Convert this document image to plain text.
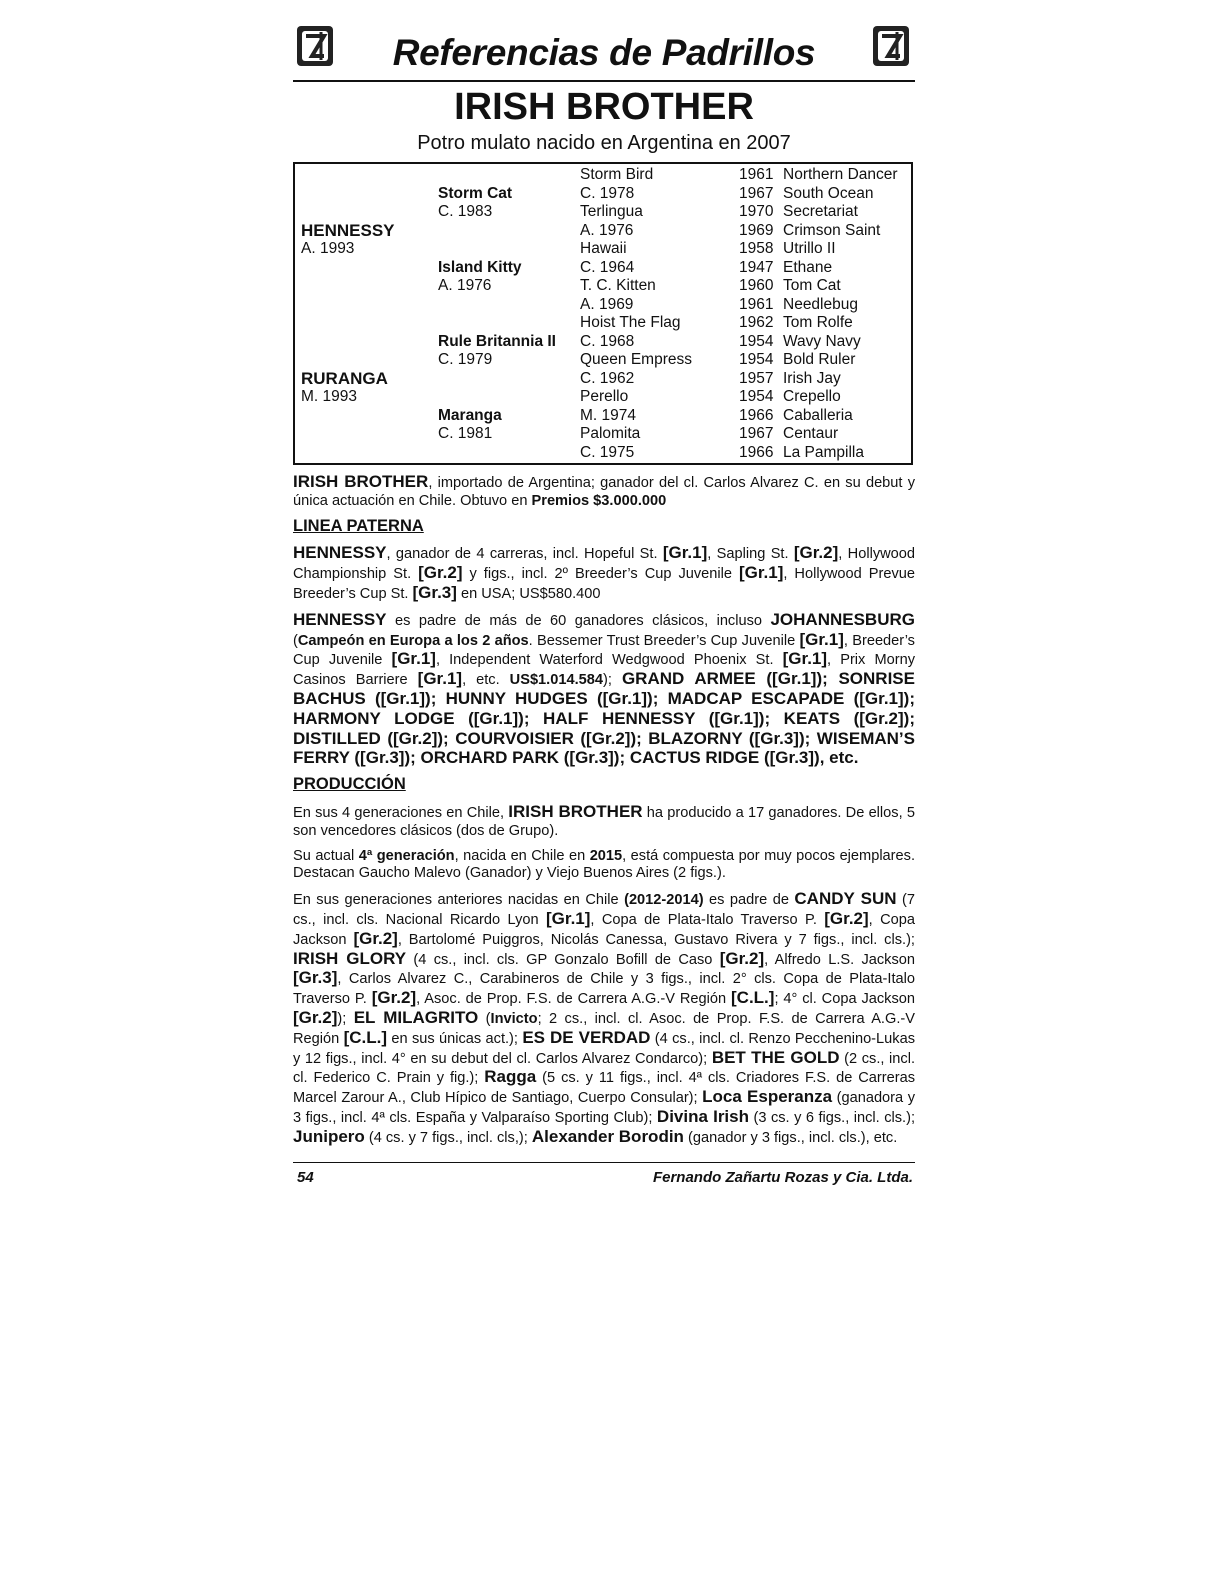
Referencias de Padrillos
IRISH BROTHER
Potro mulato nacido en Argentina en 2007
HENNESSY
A. 1993
RURANGA
M. 1993
Storm Cat
C. 1983
Island Kitty
A. 1976
Rule Britannia II
C. 1979
Maranga
C. 1981
Storm Bird
C. 1978
Terlingua
A. 1976
Hawaii
C. 1964
T. C. Kitten
A. 1969
Hoist The Flag
C. 1968
Queen Empress
C. 1962
Perello
M. 1974
Palomita
C. 1975
1961
1967
1970
1969
1958
1947
1960
1961
1962
1954
1954
1957
1954
1966
1967
1966
Northern Dancer
South Ocean
Secretariat
Crimson Saint
Utrillo II
Ethane
Tom Cat
Needlebug
Tom Rolfe
Wavy Navy
Bold Ruler
Irish Jay
Crepello
Caballeria
Centaur
La Pampilla

IRISH BROTHER, importado de Argentina; ganador del cl. Carlos Alvarez C. en su debut y única actuación en Chile. Obtuvo en Premios $3.000.000

LINEA PATERNA

HENNESSY, ganador de 4 carreras, incl. Hopeful St. [Gr.1], Sapling St. [Gr.2], Hollywood Championship St. [Gr.2] y figs., incl. 2º Breeder’s Cup Juvenile [Gr.1], Hollywood Prevue Breeder’s Cup St. [Gr.3] en USA; US$580.400

HENNESSY es padre de más de 60 ganadores clásicos, incluso JOHANNESBURG (Campeón en Europa a los 2 años. Bessemer Trust Breeder’s Cup Juvenile [Gr.1], Breeder’s Cup Juvenile [Gr.1], Independent Waterford Wedgwood Phoenix St. [Gr.1], Prix Morny Casinos Barriere [Gr.1], etc. US$1.014.584); GRAND ARMEE ([Gr.1]); SONRISE BACHUS ([Gr.1]); HUNNY HUDGES ([Gr.1]); MADCAP ESCAPADE ([Gr.1]); HARMONY LODGE ([Gr.1]); HALF HENNESSY ([Gr.1]); KEATS ([Gr.2]); DISTILLED ([Gr.2]); COURVOISIER ([Gr.2]); BLAZORNY ([Gr.3]); WISEMAN’S FERRY ([Gr.3]); ORCHARD PARK ([Gr.3]); CACTUS RIDGE ([Gr.3]), etc.

PRODUCCIÓN

En sus 4 generaciones en Chile, IRISH BROTHER ha producido a 17 ganadores. De ellos, 5 son vencedores clásicos (dos de Grupo).

Su actual 4ª generación, nacida en Chile en 2015, está compuesta por muy pocos ejemplares. Destacan Gaucho Malevo (Ganador) y Viejo Buenos Aires (2 figs.).

En sus generaciones anteriores nacidas en Chile (2012-2014) es padre de CANDY SUN (7 cs., incl. cls. Nacional Ricardo Lyon [Gr.1], Copa de Plata-Italo Traverso P. [Gr.2], Copa Jackson [Gr.2], Bartolomé Puiggros, Nicolás Canessa, Gustavo Rivera y 7 figs., incl. cls.); IRISH GLORY (4 cs., incl. cls. GP Gonzalo Bofill de Caso [Gr.2], Alfredo L.S. Jackson [Gr.3], Carlos Alvarez C., Carabineros de Chile y 3 figs., incl. 2° cls. Copa de Plata-Italo Traverso P. [Gr.2], Asoc. de Prop. F.S. de Carrera A.G.-V Región [C.L.]; 4° cl. Copa Jackson [Gr.2]); EL MILAGRITO (Invicto; 2 cs., incl. cl. Asoc. de Prop. F.S. de Carrera A.G.-V Región [C.L.] en sus únicas act.); ES DE VERDAD (4 cs., incl. cl. Renzo Pecchenino-Lukas y 12 figs., incl. 4° en su debut del cl. Carlos Alvarez Condarco); BET THE GOLD (2 cs., incl. cl. Federico C. Prain y fig.); Ragga (5 cs. y 11 figs., incl. 4ª cls. Criadores F.S. de Carreras Marcel Zarour A., Club Hípico de Santiago, Cuerpo Consular); Loca Esperanza (ganadora y 3 figs., incl. 4ª cls. España y Valparaíso Sporting Club); Divina Irish (3 cs. y 6 figs., incl. cls.); Junipero (4 cs. y 7 figs., incl. cls,); Alexander Borodin (ganador y 3 figs., incl. cls.), etc.

54	Fernando Zañartu Rozas y Cia. Ltda.
